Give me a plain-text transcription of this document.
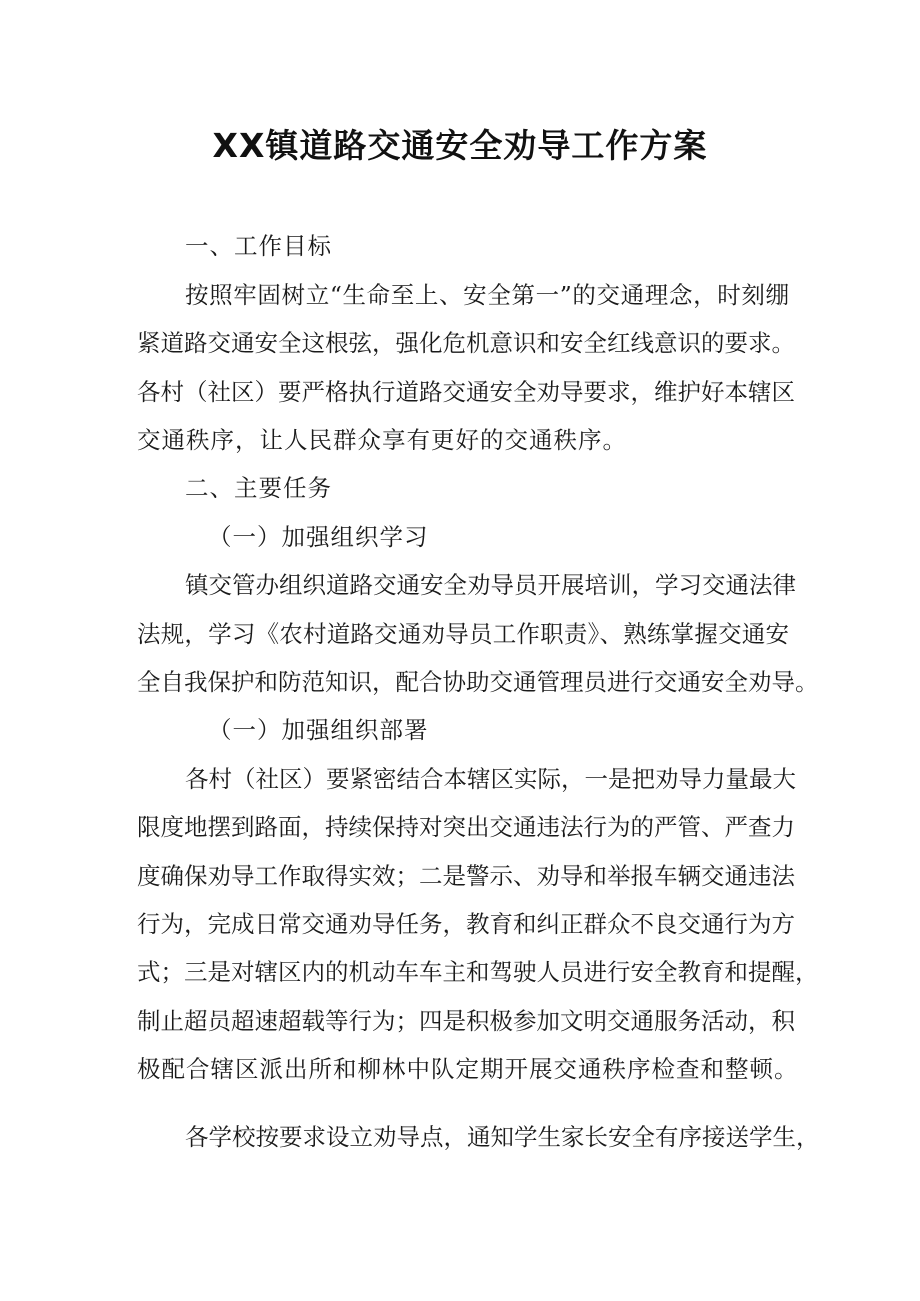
XX镇道路交通安全劝导工作方案
一、工作目标
按照牢固树立“生命至上、安全第一”的交通理念，时刻绷
紧道路交通安全这根弦，强化危机意识和安全红线意识的要求。
各村（社区）要严格执行道路交通安全劝导要求，维护好本辖区
交通秩序，让人民群众享有更好的交通秩序。
二、主要任务
（一）加强组织学习
镇交管办组织道路交通安全劝导员开展培训，学习交通法律
法规，学习《农村道路交通劝导员工作职责》、熟练掌握交通安
全自我保护和防范知识，配合协助交通管理员进行交通安全劝导。
（一）加强组织部署
各村（社区）要紧密结合本辖区实际，一是把劝导力量最大
限度地摆到路面，持续保持对突出交通违法行为的严管、严查力
度确保劝导工作取得实效；二是警示、劝导和举报车辆交通违法
行为，完成日常交通劝导任务，教育和纠正群众不良交通行为方
式；三是对辖区内的机动车车主和驾驶人员进行安全教育和提醒，
制止超员超速超载等行为；四是积极参加文明交通服务活动，积
极配合辖区派出所和柳林中队定期开展交通秩序检查和整顿。
各学校按要求设立劝导点，通知学生家长安全有序接送学生，
